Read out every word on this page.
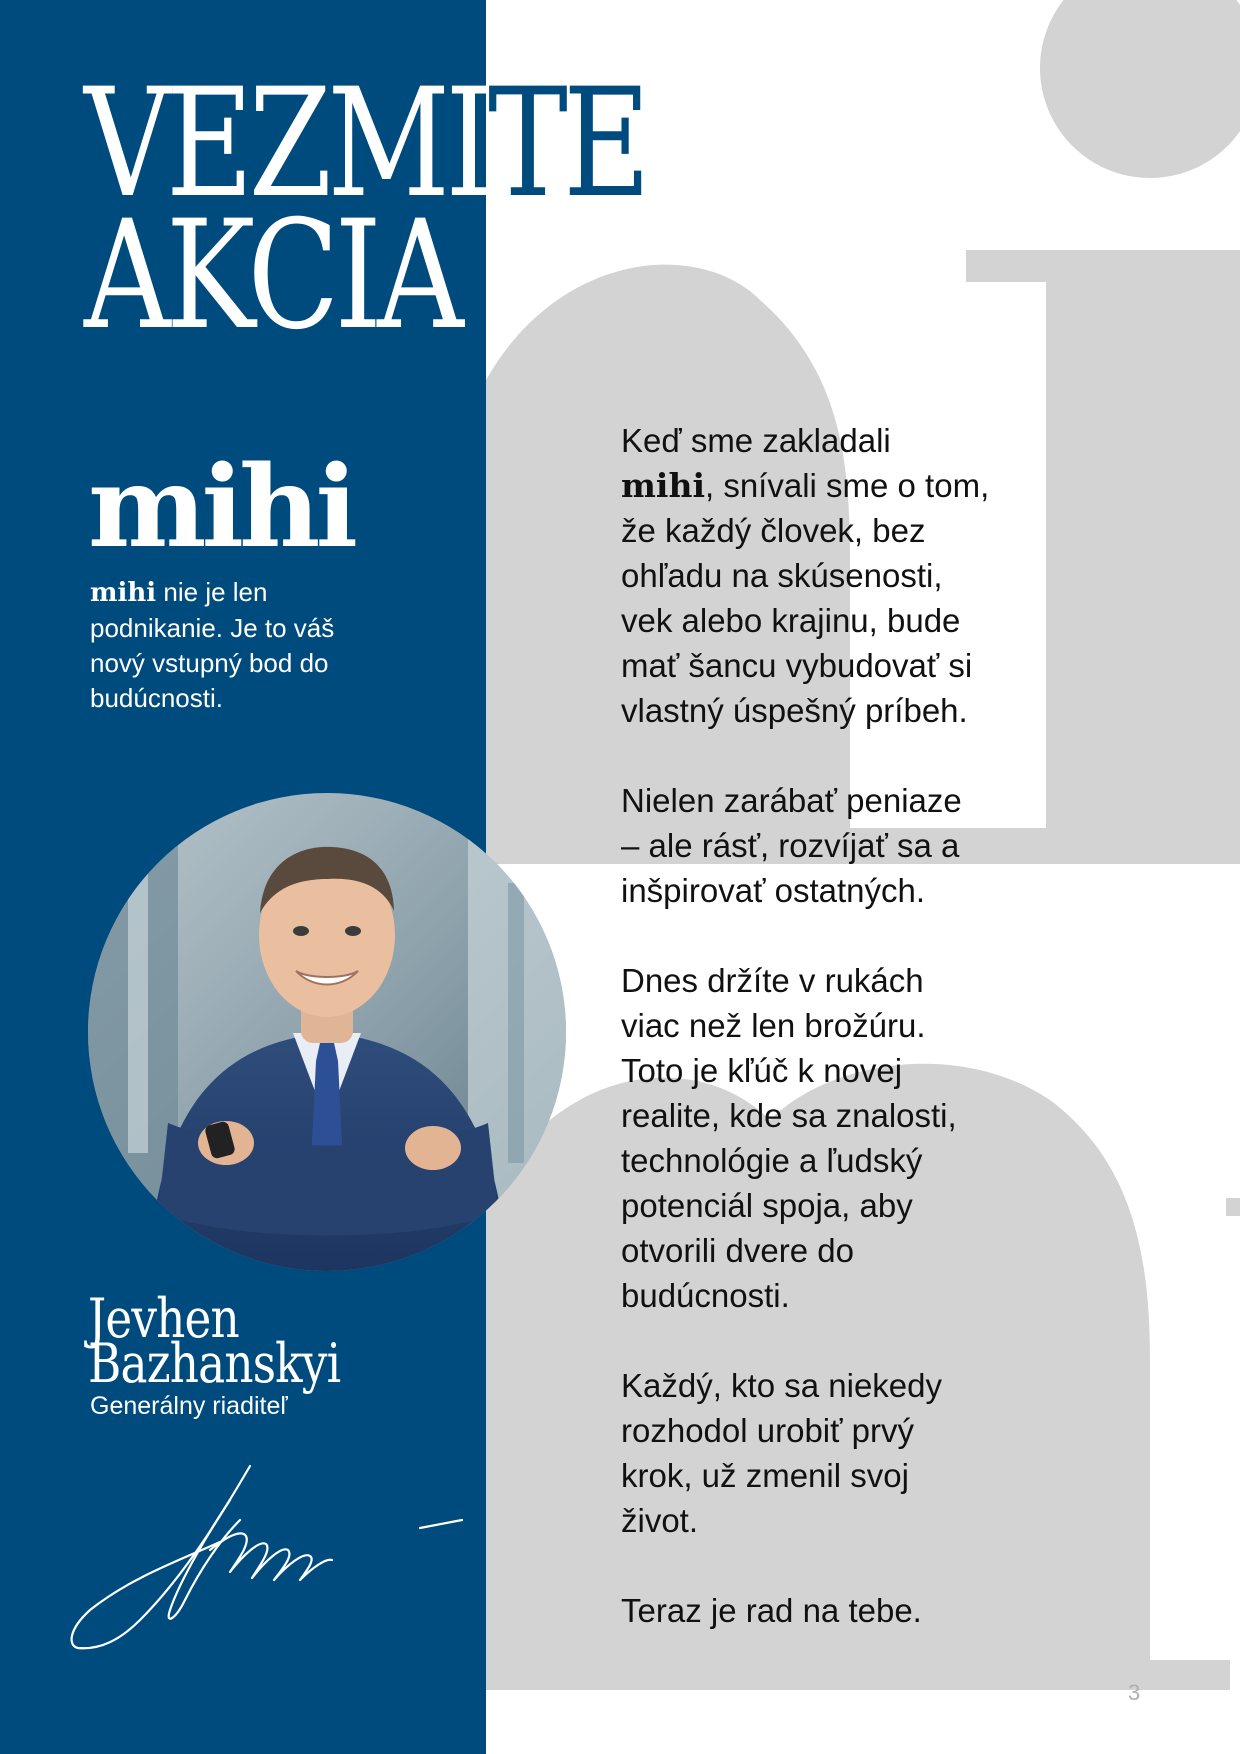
VEZMITE
AKCIA
mihi

mihi nie je len podnikanie. Je to váš nový vstupný bod do budúcnosti.

Jevhen
Bazhanskyi
Generálny riaditeľ

Keď sme zakladali
mihi, snívali sme o tom,
že každý človek, bez
ohľadu na skúsenosti,
vek alebo krajinu, bude
mať šancu vybudovať si
vlastný úspešný príbeh.

Nielen zarábať peniaze
– ale rásť, rozvíjať sa a
inšpirovať ostatných.

Dnes držíte v rukách
viac než len brožúru.
Toto je kľúč k novej
realite, kde sa znalosti,
technológie a ľudský
potenciál spoja, aby
otvorili dvere do
budúcnosti.

Každý, kto sa niekedy
rozhodol urobiť prvý
krok, už zmenil svoj
život.

Teraz je rad na tebe.

3
